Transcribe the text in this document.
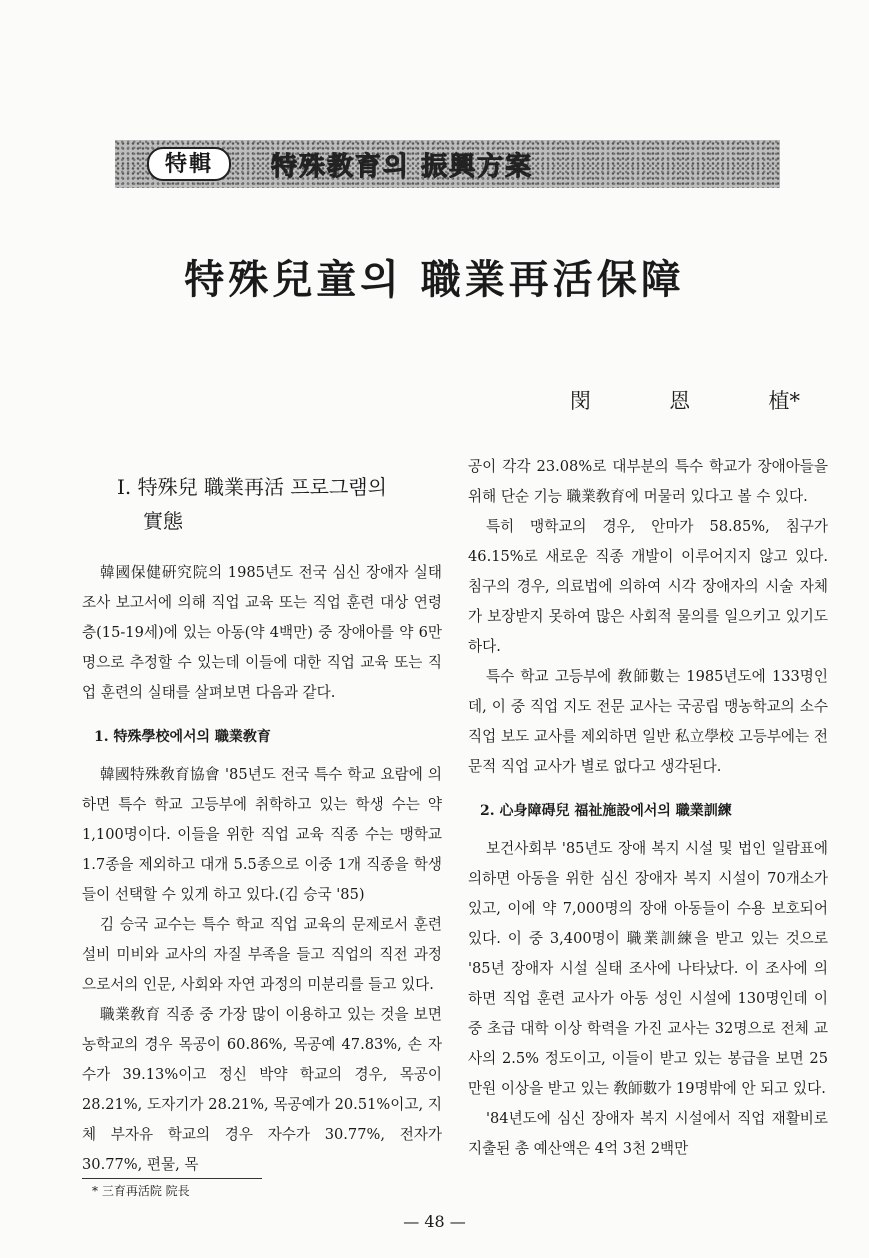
特輯	特殊教育의 振興方案
特殊兒童의 職業再活保障
閔	恩	植*
I. 特殊兒 職業再活 프로그램의
實態

韓國保健硏究院의 1985년도 전국 심신 장애자 실태 조사 보고서에 의해 직업 교육 또는 직업 훈련 대상 연령층(15-19세)에 있는 아동(약 4백만) 중 장애아를 약 6만명으로 추정할 수 있는데 이들에 대한 직업 교육 또는 직업 훈련의 실태를 살펴보면 다음과 같다.

1. 特殊學校에서의 職業敎育

韓國特殊敎育協會 '85년도 전국 특수 학교 요람에 의하면 특수 학교 고등부에 취학하고 있는 학생 수는 약 1,100명이다. 이들을 위한 직업 교육 직종 수는 맹학교 1.7종을 제외하고 대개 5.5종으로 이중 1개 직종을 학생들이 선택할 수 있게 하고 있다.(김 승국 '85)

김 승국 교수는 특수 학교 직업 교육의 문제로서 훈련 설비 미비와 교사의 자질 부족을 들고 직업의 직전 과정으로서의 인문, 사회와 자연 과정의 미분리를 들고 있다.

職業敎育 직종 중 가장 많이 이용하고 있는 것을 보면 농학교의 경우 목공이 60.86%, 목공예 47.83%, 손 자수가 39.13%이고 정신 박약 학교의 경우, 목공이 28.21%, 도자기가 28.21%, 목공예가 20.51%이고, 지체 부자유 학교의 경우 자수가 30.77%, 전자가 30.77%, 편물, 목

공이 각각 23.08%로 대부분의 특수 학교가 장애아들을 위해 단순 기능 職業敎育에 머물러 있다고 볼 수 있다.

특히 맹학교의 경우, 안마가 58.85%, 침구가 46.15%로 새로운 직종 개발이 이루어지지 않고 있다. 침구의 경우, 의료법에 의하여 시각 장애자의 시술 자체가 보장받지 못하여 많은 사회적 물의를 일으키고 있기도 하다.

특수 학교 고등부에 敎師數는 1985년도에 133명인데, 이 중 직업 지도 전문 교사는 국공립 맹농학교의 소수 직업 보도 교사를 제외하면 일반 私立學校 고등부에는 전문적 직업 교사가 별로 없다고 생각된다.

2. 心身障碍兒 福祉施設에서의 職業訓練

보건사회부 '85년도 장애 복지 시설 및 법인 일람표에 의하면 아동을 위한 심신 장애자 복지 시설이 70개소가 있고, 이에 약 7,000명의 장애 아동들이 수용 보호되어 있다. 이 중 3,400명이 職業訓練을 받고 있는 것으로 '85년 장애자 시설 실태 조사에 나타났다. 이 조사에 의하면 직업 훈련 교사가 아동 성인 시설에 130명인데 이 중 초급 대학 이상 학력을 가진 교사는 32명으로 전체 교사의 2.5% 정도이고, 이들이 받고 있는 봉급을 보면 25만원 이상을 받고 있는 敎師數가 19명밖에 안 되고 있다.

'84년도에 심신 장애자 복지 시설에서 직업 재활비로 지출된 총 예산액은 4억 3천 2백만

* 三育再活院 院長
— 48 —
